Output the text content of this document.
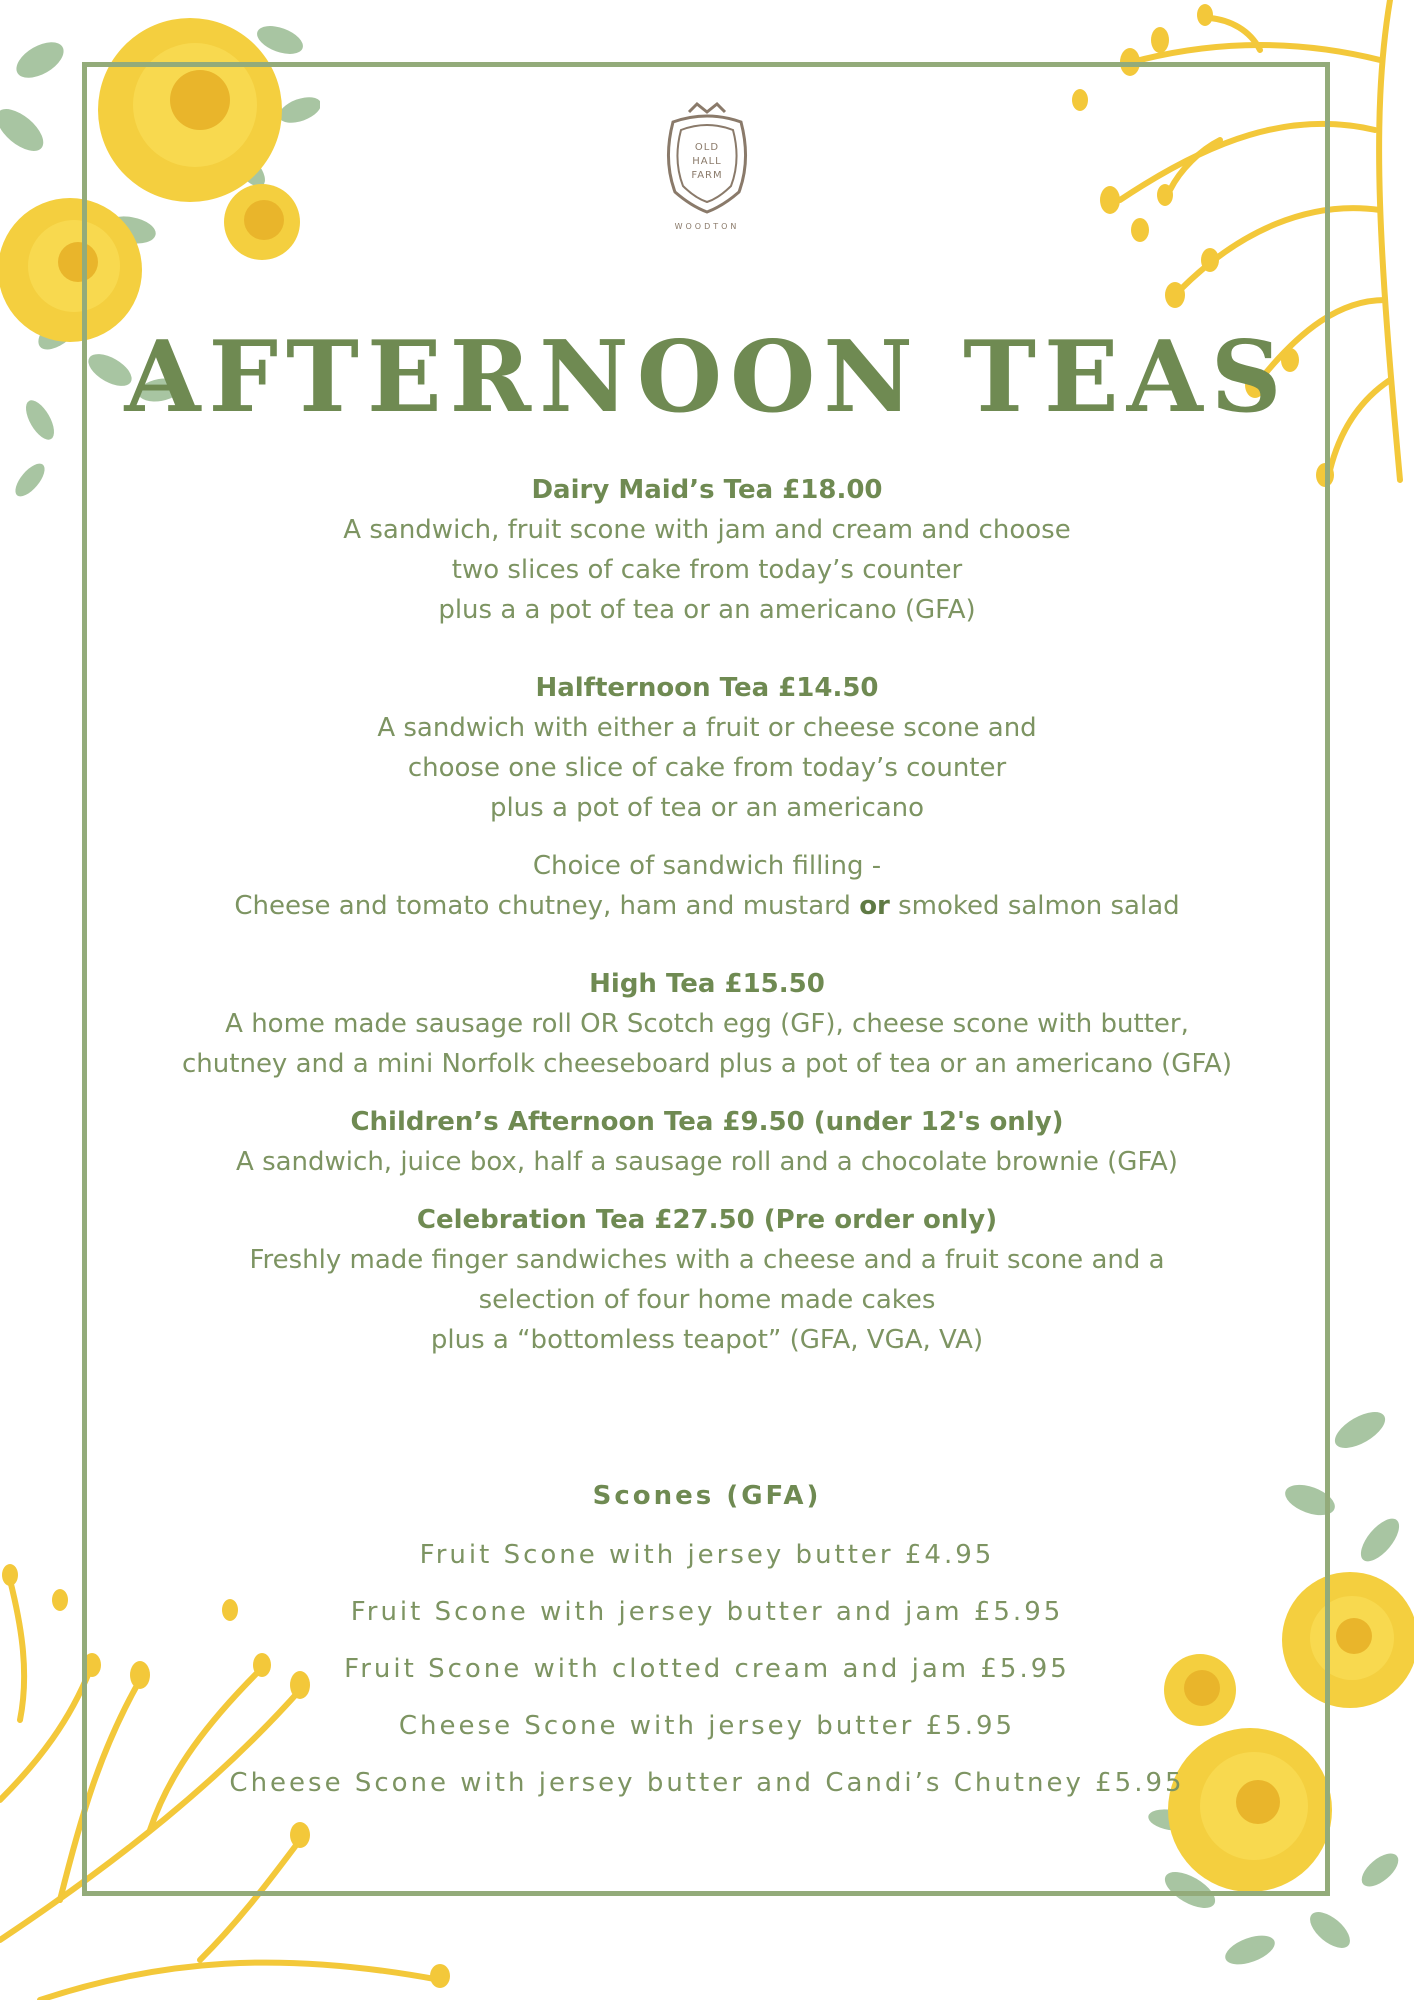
OLD
HALL
FARM
WOODTON
AFTERNOON TEAS
Dairy Maid’s Tea £18.00
A sandwich, fruit scone with jam and cream and choose
two slices of cake from today’s counter
plus a a pot of tea or an americano (GFA)
Halfternoon Tea £14.50
A sandwich with either a fruit or cheese scone and
choose one slice of cake from today’s counter
plus a pot of tea or an americano
Choice of sandwich filling -
Cheese and tomato chutney, ham and mustard or smoked salmon salad
High Tea £15.50
A home made sausage roll OR Scotch egg (GF), cheese scone with butter,
chutney and a mini Norfolk cheeseboard plus a pot of tea or an americano (GFA)
Children’s Afternoon Tea £9.50 (under 12's only)
A sandwich, juice box, half a sausage roll and a chocolate brownie (GFA)
Celebration Tea £27.50 (Pre order only)
Freshly made finger sandwiches with a cheese and a fruit scone and a
selection of four home made cakes
plus a “bottomless teapot” (GFA, VGA, VA)
Scones (GFA)
Fruit Scone with jersey butter £4.95
Fruit Scone with jersey butter and jam £5.95
Fruit Scone with clotted cream and jam £5.95
Cheese Scone with jersey butter £5.95
Cheese Scone with jersey butter and Candi’s Chutney £5.95
